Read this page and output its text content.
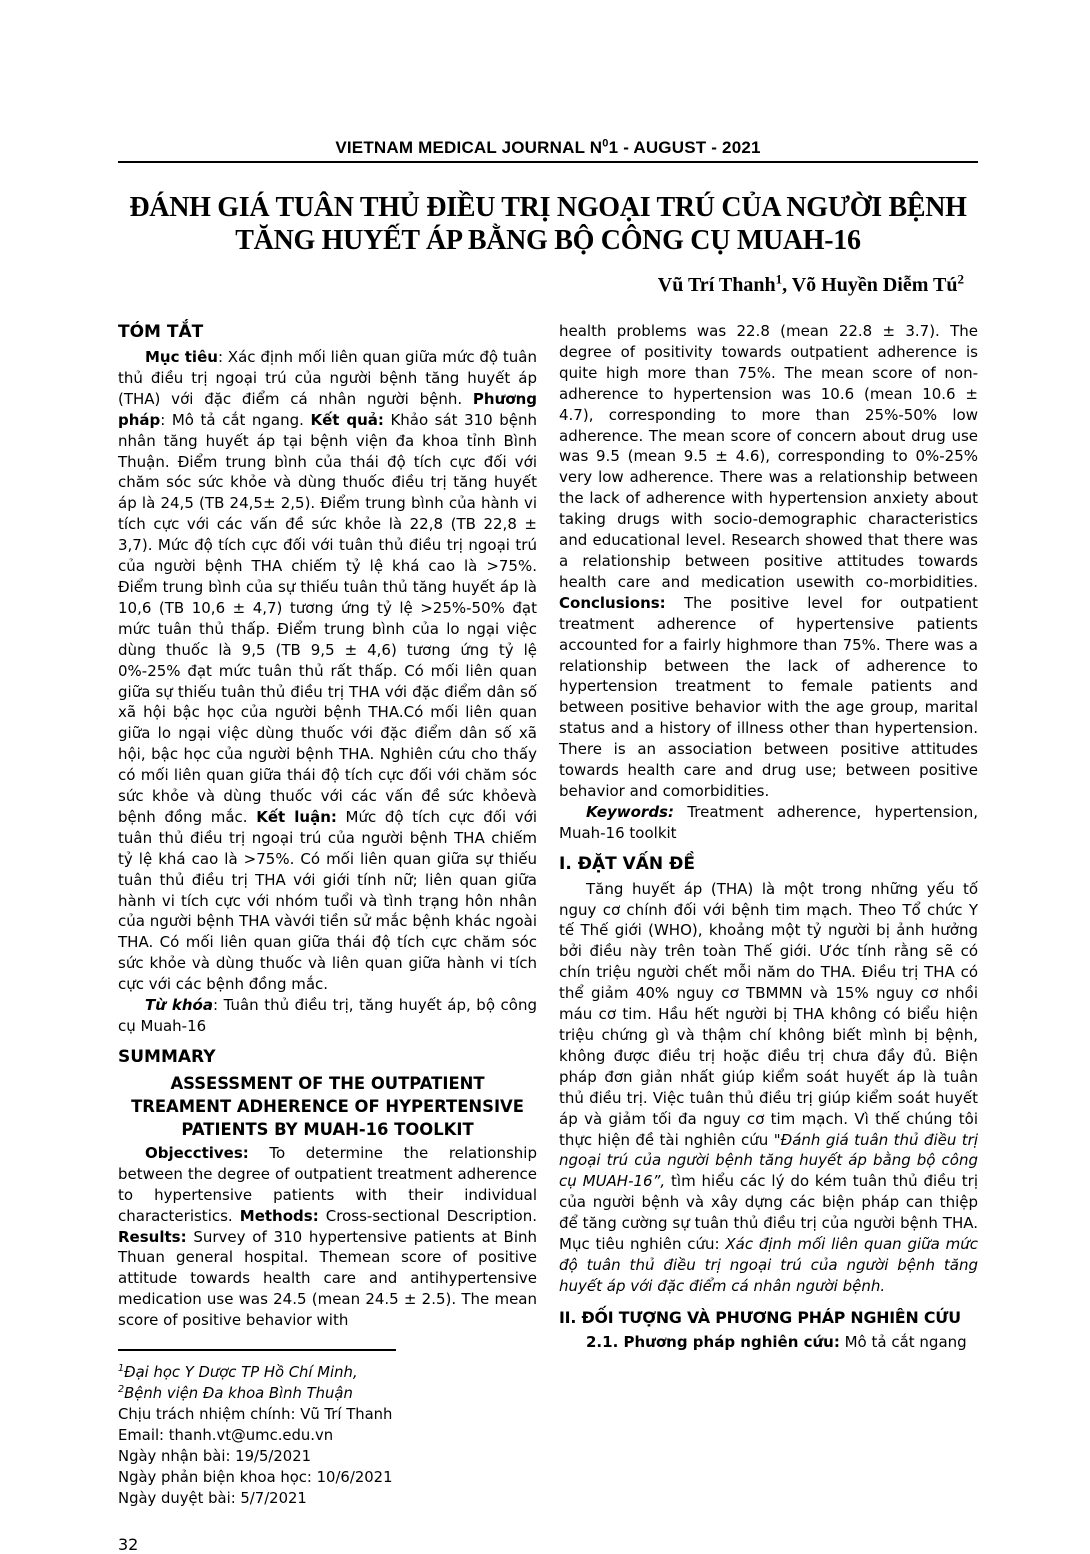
VIETNAM MEDICAL JOURNAL $N^01$ - AUGUST - 2021
ĐÁNH GIÁ TUÂN THỦ ĐIỀU TRỊ NGOẠI TRÚ CỦA NGƯỜI BỆNH
TĂNG HUYẾT ÁP BẰNG BỘ CÔNG CỤ MUAH-16
Vũ Trí Thanh$^1$, Võ Huyền Diễm $Tú^2$
TÓM TẮT

Mục tiêu: Xác định mối liên quan giữa mức độ tuân thủ điều trị ngoại trú của người bệnh tăng huyết áp (THA) với đặc điểm cá nhân người bệnh. Phương pháp: Mô tả cắt ngang. Kết quả: Khảo sát 310 bệnh nhân tăng huyết áp tại bệnh viện đa khoa tỉnh Bình Thuận. Điểm trung bình của thái độ tích cực đối với chăm sóc sức khỏe và dùng thuốc điều trị tăng huyết áp là 24,5 (TB 24,5± 2,5). Điểm trung bình của hành vi tích cực với các vấn đề sức khỏe là 22,8 (TB 22,8 ± 3,7). Mức độ tích cực đối với tuân thủ điều trị ngoại trú của người bệnh THA chiếm tỷ lệ khá cao là >75%. Điểm trung bình của sự thiếu tuân thủ tăng huyết áp là 10,6 (TB 10,6 ± 4,7) tương ứng tỷ lệ >25%-50% đạt mức tuân thủ thấp. Điểm trung bình của lo ngại việc dùng thuốc là 9,5 (TB 9,5 ± 4,6) tương ứng tỷ lệ 0%-25% đạt mức tuân thủ rất thấp. Có mối liên quan giữa sự thiếu tuân thủ điều trị THA với đặc điểm dân số xã hội bậc học của người bệnh THA.Có mối liên quan giữa lo ngại việc dùng thuốc với đặc điểm dân số xã hội, bậc học của người bệnh THA. Nghiên cứu cho thấy có mối liên quan giữa thái độ tích cực đối với chăm sóc sức khỏe và dùng thuốc với các vấn đề sức khỏevà bệnh đồng mắc. Kết luận: Mức độ tích cực đối với tuân thủ điều trị ngoại trú của người bệnh THA chiếm tỷ lệ khá cao là >75%. Có mối liên quan giữa sự thiếu tuân thủ điều trị THA với giới tính nữ; liên quan giữa hành vi tích cực với nhóm tuổi và tình trạng hôn nhân của người bệnh THA vàvới tiền sử mắc bệnh khác ngoài THA. Có mối liên quan giữa thái độ tích cực chăm sóc sức khỏe và dùng thuốc và liên quan giữa hành vi tích cực với các bệnh đồng mắc.

Từ khóa: Tuân thủ điều trị, tăng huyết áp, bộ công cụ Muah-16

SUMMARY
ASSESSMENT OF THE OUTPATIENT TREAMENT ADHERENCE OF HYPERTENSIVE PATIENTS BY MUAH-16 TOOLKIT

Objecctives: To determine the relationship between the degree of outpatient treatment adherence to hypertensive patients with their individual characteristics. Methods: Cross-sectional Description. Results: Survey of 310 hypertensive patients at Binh Thuan general hospital. Themean score of positive attitude towards health care and antihypertensive medication use was 24.5 (mean 24.5 ± 2.5). The mean score of positive behavior with

$^1$Đại học Y Dược TP Hồ Chí Minh,
$^2$Bệnh viện Đa khoa Bình Thuận
Chịu trách nhiệm chính: Vũ Trí Thanh
Email: thanh.vt@umc.edu.vn
Ngày nhận bài: 19/5/2021
Ngày phản biện khoa học: 10/6/2021
Ngày duyệt bài: 5/7/2021

health problems was 22.8 (mean 22.8 ± 3.7). The degree of positivity towards outpatient adherence is quite high more than 75%. The mean score of non-adherence to hypertension was 10.6 (mean 10.6 ± 4.7), corresponding to more than 25%-50% low adherence. The mean score of concern about drug use was 9.5 (mean 9.5 ± 4.6), corresponding to 0%-25% very low adherence. There was a relationship between the lack of adherence with hypertension anxiety about taking drugs with socio-demographic characteristics and educational level. Research showed that there was a relationship between positive attitudes towards health care and medication usewith co-morbidities. Conclusions: The positive level for outpatient treatment adherence of hypertensive patients accounted for a fairly highmore than 75%. There was a relationship between the lack of adherence to hypertension treatment to female patients and between positive behavior with the age group, marital status and a history of illness other than hypertension. There is an association between positive attitudes towards health care and drug use; between positive behavior and comorbidities.

Keywords: Treatment adherence, hypertension, Muah-16 toolkit

I. ĐẶT VẤN ĐỀ

Tăng huyết áp (THA) là một trong những yếu tố nguy cơ chính đối với bệnh tim mạch. Theo Tổ chức Y tế Thế giới (WHO), khoảng một tỷ người bị ảnh hưởng bởi điều này trên toàn Thế giới. Ước tính rằng sẽ có chín triệu người chết mỗi năm do THA. Điều trị THA có thể giảm 40% nguy cơ TBMMN và 15% nguy cơ nhồi máu cơ tim. Hầu hết người bị THA không có biểu hiện triệu chứng gì và thậm chí không biết mình bị bệnh, không được điều trị hoặc điều trị chưa đầy đủ. Biện pháp đơn giản nhất giúp kiểm soát huyết áp là tuân thủ điều trị. Việc tuân thủ điều trị giúp kiểm soát huyết áp và giảm tối đa nguy cơ tim mạch. Vì thế chúng tôi thực hiện đề tài nghiên cứu "Đánh giá tuân thủ điều trị ngoại trú của người bệnh tăng huyết áp bằng bộ công cụ MUAH-16”, tìm hiểu các lý do kém tuân thủ điều trị của người bệnh và xây dựng các biện pháp can thiệp để tăng cường sự tuân thủ điều trị của người bệnh THA. Mục tiêu nghiên cứu: Xác định mối liên quan giữa mức độ tuân thủ điều trị ngoại trú của người bệnh tăng huyết áp với đặc điểm cá nhân người bệnh.

II. ĐỐI TƯỢNG VÀ PHƯƠNG PHÁP NGHIÊN CỨU

2.1. Phương pháp nghiên cứu: Mô tả cắt ngang

32
